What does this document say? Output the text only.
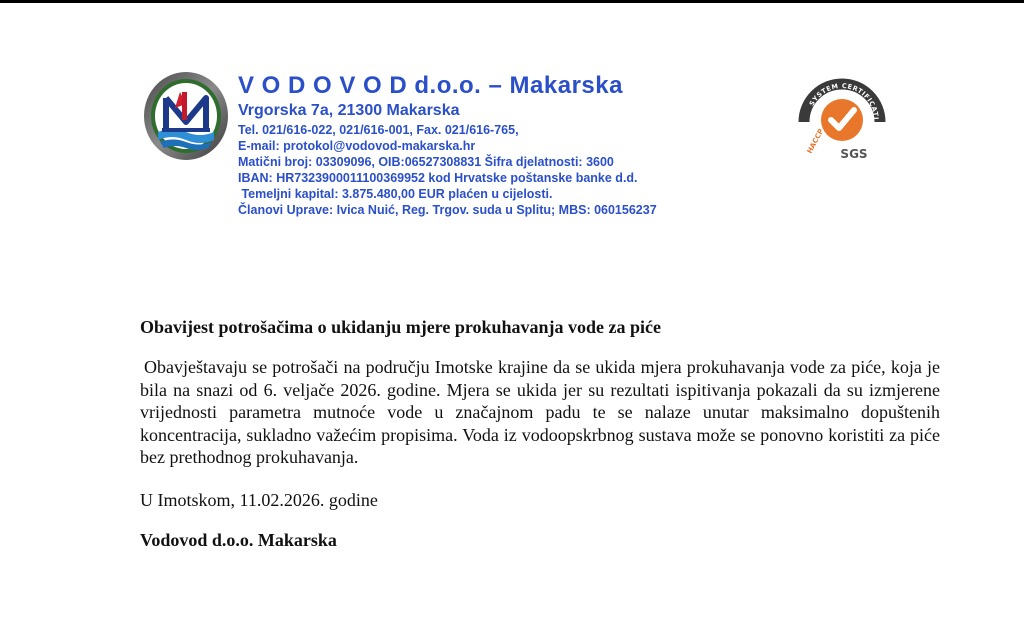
V O D O V O D d.o.o. – Makarska
Vrgorska 7a, 21300 Makarska
Tel. 021/616-022, 021/616-001, Fax. 021/616-765,
E-mail: protokol@vodovod-makarska.hr
Matični broj: 03309096, OIB:06527308831 Šifra djelatnosti: 3600
IBAN: HR7323900011100369952 kod Hrvatske poštanske banke d.d.
Temeljni kapital: 3.875.480,00 EUR plaćen u cijelosti.
Članovi Uprave: Ivica Nuić, Reg. Trgov. suda u Splitu; MBS: 060156237
SYSTEM CERTIFICATI
HACCP SGS
Obavijest potrošačima o ukidanju mjere prokuhavanja vode za piće
Obavještavaju se potrošači na području Imotske krajine da se ukida mjera prokuhavanja vode za piće, koja je bila na snazi od 6. veljače 2026. godine. Mjera se ukida jer su rezultati ispitivanja pokazali da su izmjerene vrijednosti parametra mutnoće vode u značajnom padu te se nalaze unutar maksimalno dopuštenih koncentracija, sukladno važećim propisima. Voda iz vodoopskrbnog sustava može se ponovno koristiti za piće bez prethodnog prokuhavanja.
U Imotskom, 11.02.2026. godine
Vodovod d.o.o. Makarska
